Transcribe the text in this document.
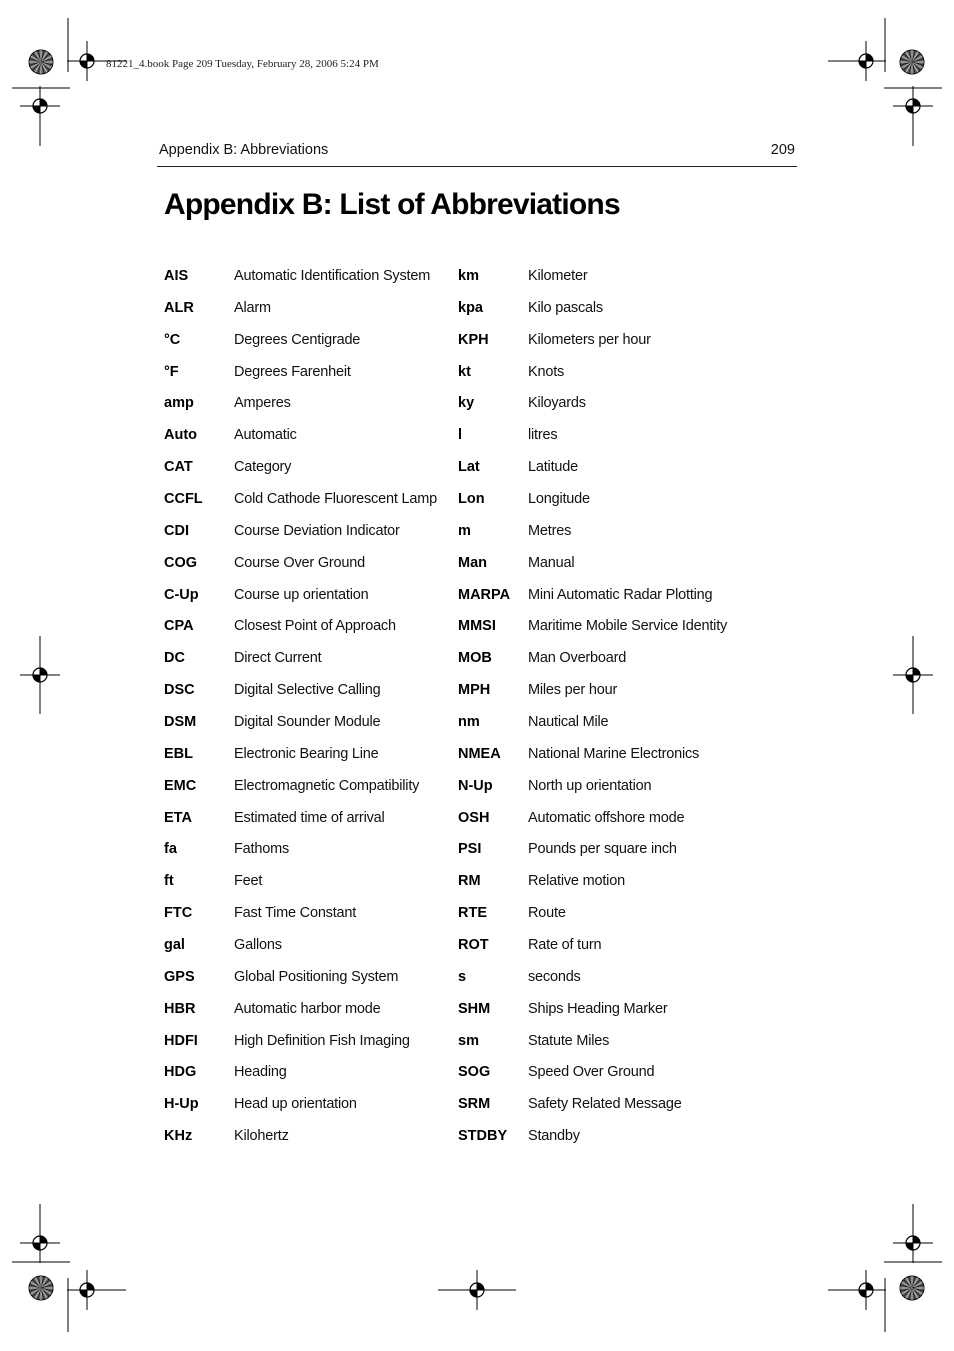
81221_4.book Page 209 Tuesday, February 28, 2006 5:24 PM
Appendix B: Abbreviations	209
Appendix B: List of Abbreviations
AIS	Automatic Identification System
ALR	Alarm
°C	Degrees Centigrade
°F	Degrees Farenheit
amp	Amperes
Auto	Automatic
CAT	Category
CCFL Cold Cathode Fluorescent Lamp
CDI	Course Deviation Indicator
COG	Course Over Ground
C-Up Course up orientation
CPA	Closest Point of Approach
DC	Direct Current
DSC	Digital Selective Calling
DSM	Digital Sounder Module
EBL	Electronic Bearing Line
EMC	Electromagnetic Compatibility
ETA	Estimated time of arrival
fa	Fathoms
ft	Feet
FTC	Fast Time Constant
gal	Gallons
GPS	Global Positioning System
HBR	Automatic harbor mode
HDFI High Definition Fish Imaging
HDG	Heading
H-Up Head up orientation
KHz	Kilohertz
km	Kilometer
kpa	Kilo pascals
KPH	Kilometers per hour
kt	Knots
ky	Kiloyards
l	litres
Lat	Latitude
Lon	Longitude
m	Metres
Man	Manual
MARPA Mini Automatic Radar Plotting
MMSI Maritime Mobile Service Identity
MOB Man Overboard
MPH	Miles per hour
nm	Nautical Mile
NMEA National Marine Electronics
N-Up North up orientation
OSH	Automatic offshore mode
PSI	Pounds per square inch
RM	Relative motion
RTE	Route
ROT	Rate of turn
s	seconds
SHM	Ships Heading Marker
sm	Statute Miles
SOG	Speed Over Ground
SRM	Safety Related Message
STDBY Standby
